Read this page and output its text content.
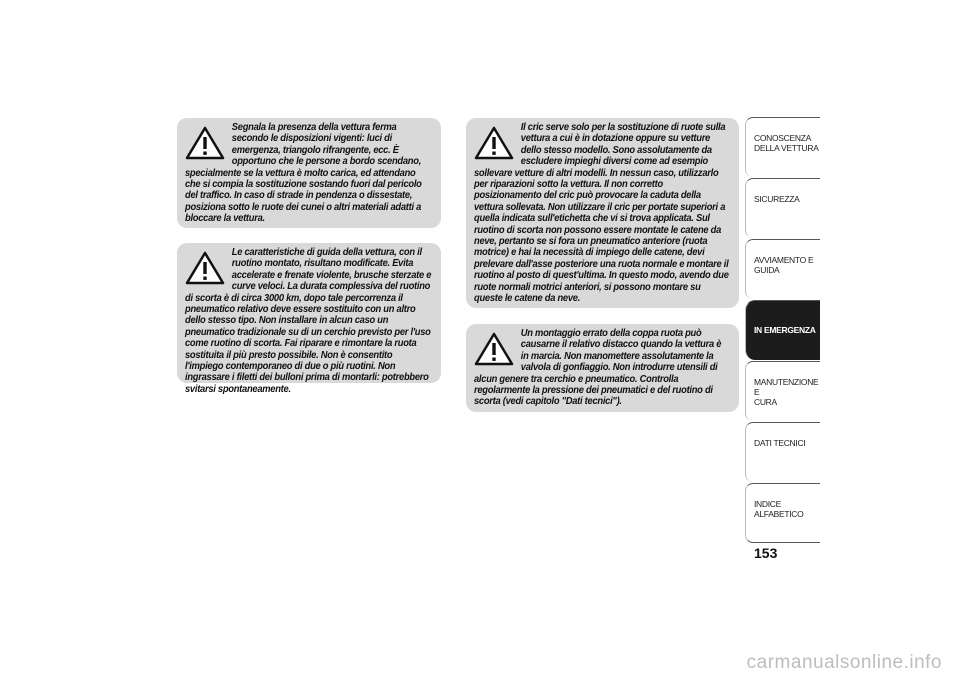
Segnala la presenza della vettura ferma secondo le disposizioni vigenti: luci di emergenza, triangolo rifrangente, ecc. È opportuno che le persone a bordo scendano, specialmente se la vettura è molto carica, ed attendano che si compia la sostituzione sostando fuori dal pericolo del traffico. In caso di strade in pendenza o dissestate, posiziona sotto le ruote dei cunei o altri materiali adatti a bloccare la vettura.

Le caratteristiche di guida della vettura, con il ruotino montato, risultano modificate. Evita accelerate e frenate violente, brusche sterzate e curve veloci. La durata complessiva del ruotino di scorta è di circa 3000 km, dopo tale percorrenza il pneumatico relativo deve essere sostituito con un altro dello stesso tipo. Non installare in alcun caso un pneumatico tradizionale su di un cerchio previsto per l'uso come ruotino di scorta. Fai riparare e rimontare la ruota sostituita il più presto possibile. Non è consentito l'impiego contemporaneo di due o più ruotini. Non ingrassare i filetti dei bulloni prima di montarli: potrebbero svitarsi spontaneamente.

Il cric serve solo per la sostituzione di ruote sulla vettura a cui è in dotazione oppure su vetture dello stesso modello. Sono assolutamente da escludere impieghi diversi come ad esempio sollevare vetture di altri modelli. In nessun caso, utilizzarlo per riparazioni sotto la vettura. Il non corretto posizionamento del cric può provocare la caduta della vettura sollevata. Non utilizzare il cric per portate superiori a quella indicata sull'etichetta che vi si trova applicata. Sul ruotino di scorta non possono essere montate le catene da neve, pertanto se si fora un pneumatico anteriore (ruota motrice) e hai la necessità di impiego delle catene, devi prelevare dall'asse posteriore una ruota normale e montare il ruotino al posto di quest'ultima. In questo modo, avendo due ruote normali motrici anteriori, si possono montare su queste le catene da neve.

Un montaggio errato della coppa ruota può causarne il relativo distacco quando la vettura è in marcia. Non manomettere assolutamente la valvola di gonfiaggio. Non introdurre utensili di alcun genere tra cerchio e pneumatico. Controlla regolarmente la pressione dei pneumatici e del ruotino di scorta (vedi capitolo "Dati tecnici").

CONOSCENZA
DELLA VETTURA
SICUREZZA
AVVIAMENTO E
GUIDA
IN EMERGENZA
MANUTENZIONE E
CURA
DATI TECNICI
INDICE ALFABETICO
153
carmanualsonline.info
